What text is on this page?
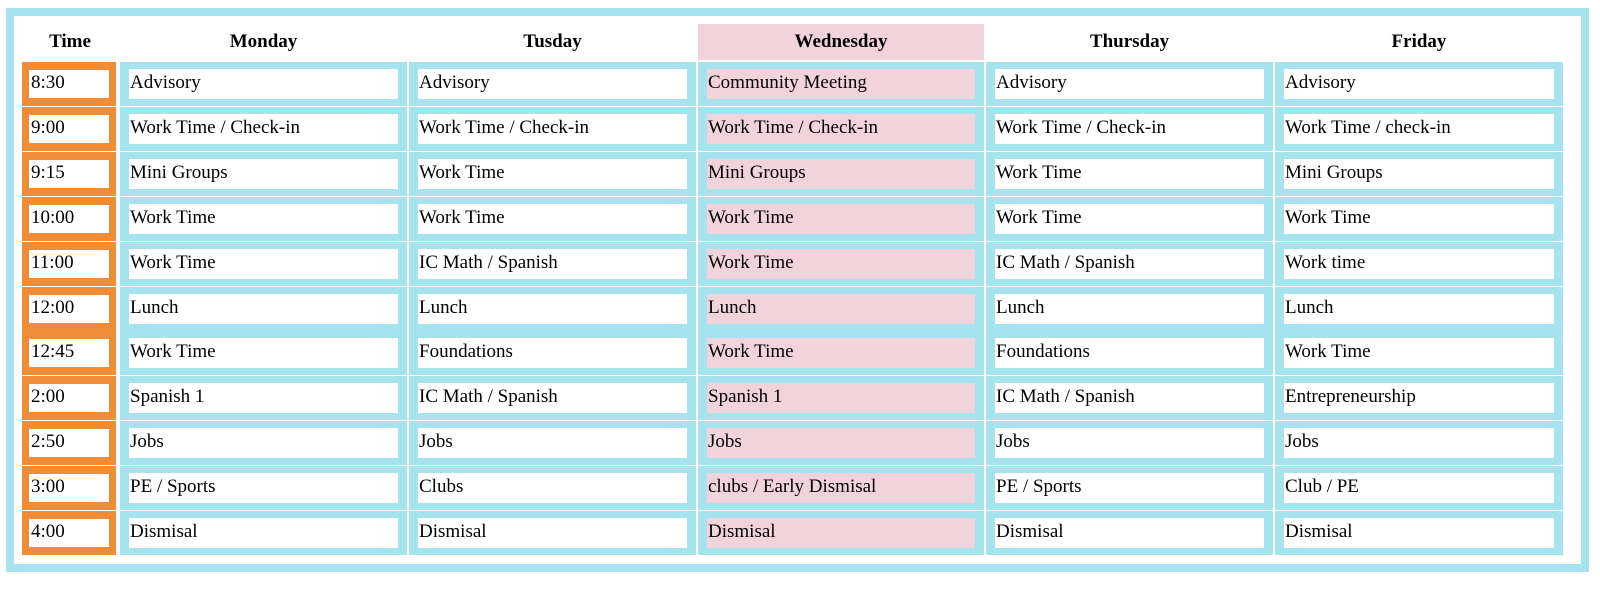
Time	Monday	Tusday	Wednesday	Thursday	Friday
8:30	Advisory	Advisory	Community Meeting	Advisory	Advisory
9:00	Work Time / Check-in	Work Time / Check-in	Work Time / Check-in	Work Time / Check-in	Work Time / check-in
9:15	Mini Groups	Work Time	Mini Groups	Work Time	Mini Groups
10:00	Work Time	Work Time	Work Time	Work Time	Work Time
11:00	Work Time	IC Math / Spanish	Work Time	IC Math / Spanish	Work time
12:00	Lunch	Lunch	Lunch	Lunch	Lunch
12:45	Work Time	Foundations	Work Time	Foundations	Work Time
2:00	Spanish 1	IC Math / Spanish	Spanish 1	IC Math / Spanish	Entrepreneurship
2:50	Jobs	Jobs	Jobs	Jobs	Jobs
3:00	PE / Sports	Clubs	clubs / Early Dismisal	PE / Sports	Club / PE
4:00	Dismisal	Dismisal	Dismisal	Dismisal	Dismisal
